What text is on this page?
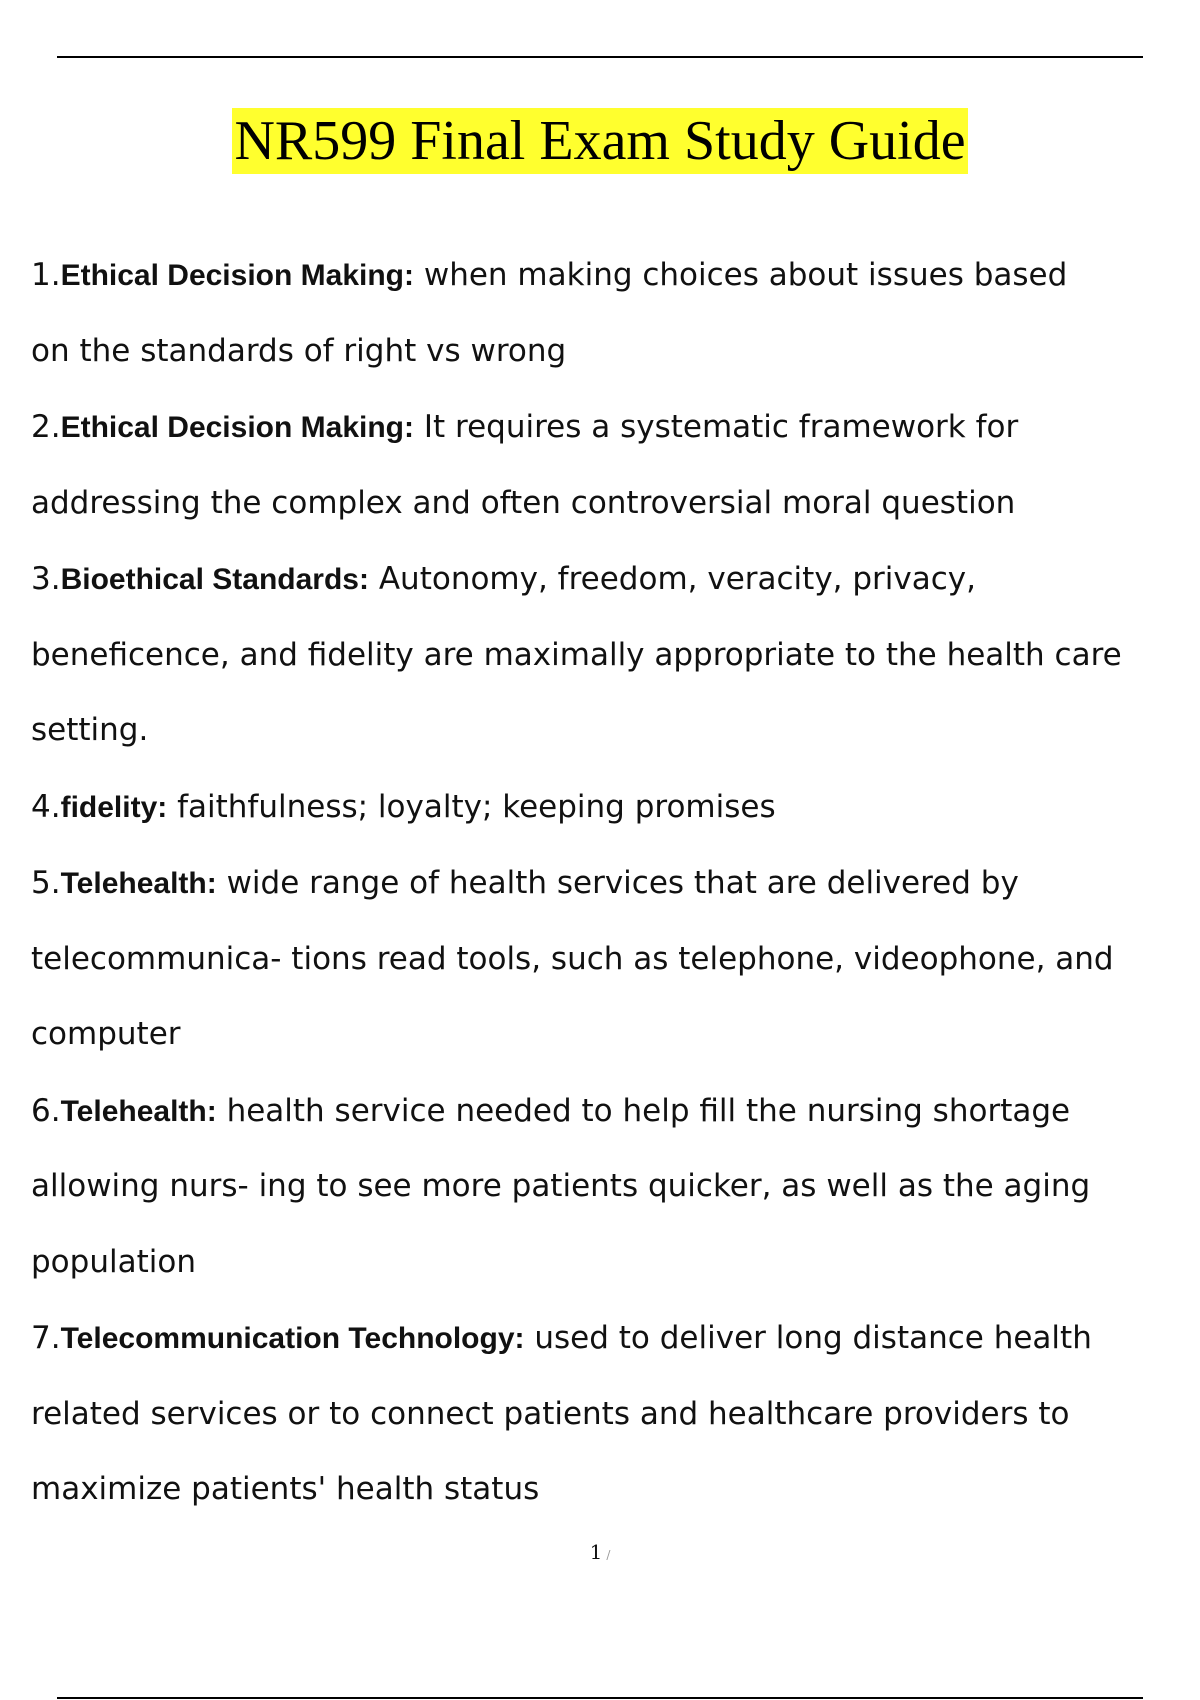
NR599 Final Exam Study Guide
1.Ethical Decision Making: when making choices about issues based
on the standards of right vs wrong
2.Ethical Decision Making: It requires a systematic framework for
addressing the complex and often controversial moral question
3.Bioethical Standards: Autonomy, freedom, veracity, privacy,
beneficence, and fidelity are maximally appropriate to the health care
setting.
4.fidelity: faithfulness; loyalty; keeping promises
5.Telehealth: wide range of health services that are delivered by
telecommunica- tions read tools, such as telephone, videophone, and
computer
6.Telehealth: health service needed to help fill the nursing shortage
allowing nurs- ing to see more patients quicker, as well as the aging
population
7.Telecommunication Technology: used to deliver long distance health
related services or to connect patients and healthcare providers to
maximize patients' health status
1 /
